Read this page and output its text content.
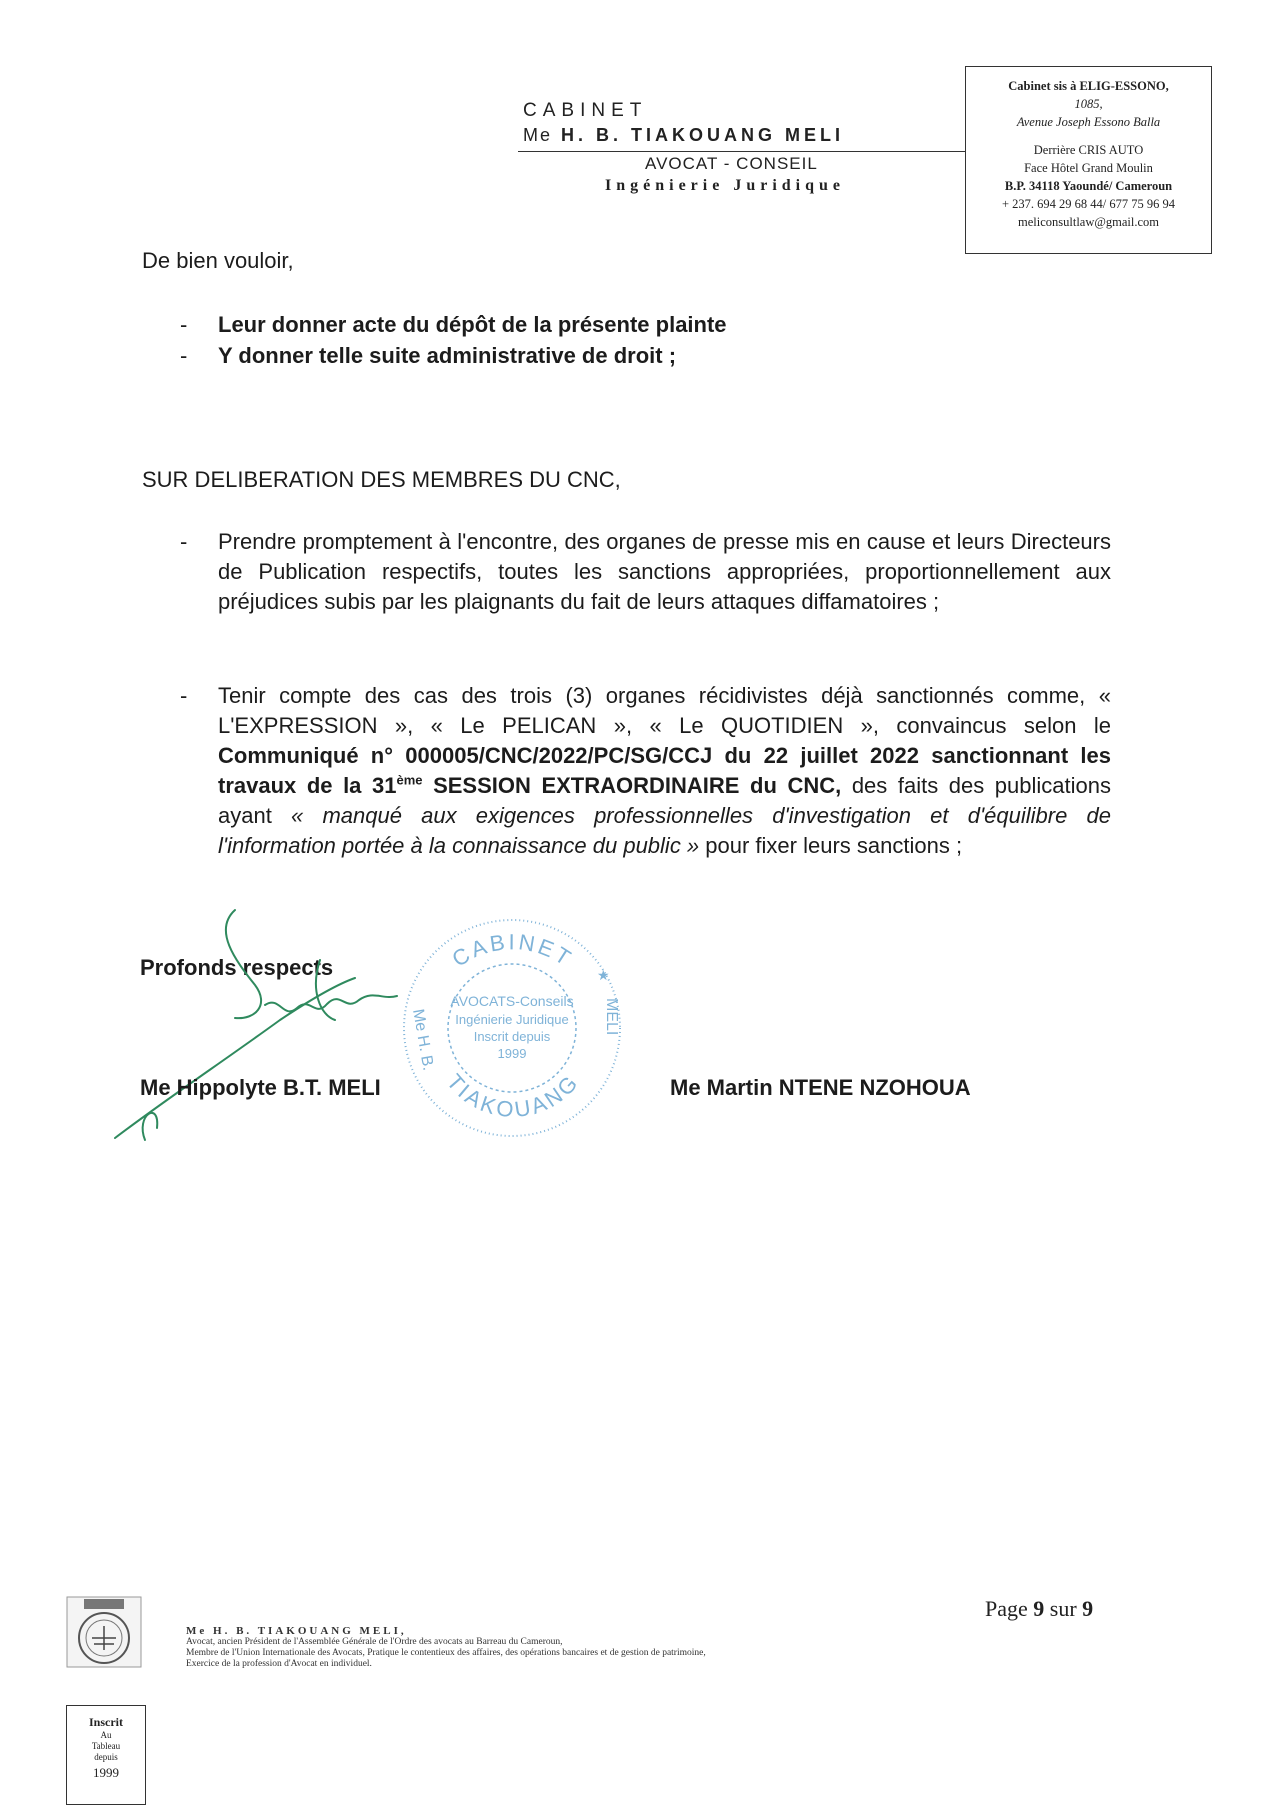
CABINET
Me H. B. TIAKOUANG MELI
AVOCAT - CONSEIL
Ingénierie Juridique
Cabinet sis à ELIG-ESSONO,
1085,
Avenue Joseph Essono Balla
Derrière CRIS AUTO
Face Hôtel Grand Moulin
B.P. 34118 Yaoundé/ Cameroun
+ 237. 694 29 68 44/ 677 75 96 94
meliconsultlaw@gmail.com
De bien vouloir,
- Leur donner acte du dépôt de la présente plainte
- Y donner telle suite administrative de droit ;
SUR DELIBERATION DES MEMBRES DU CNC,
- Prendre promptement à l'encontre, des organes de presse mis en cause et leurs Directeurs de Publication respectifs, toutes les sanctions appropriées, proportionnellement aux préjudices subis par les plaignants du fait de leurs attaques diffamatoires ;
- Tenir compte des cas des trois (3) organes récidivistes déjà sanctionnés comme, « L'EXPRESSION », « Le PELICAN », « Le QUOTIDIEN », convaincus selon le Communiqué n° 000005/CNC/2022/PC/SG/CCJ du 22 juillet 2022 sanctionnant les travaux de la 31ème SESSION EXTRAORDINAIRE du CNC, des faits des publications ayant « manqué aux exigences professionnelles d'investigation et d'équilibre de l'information portée à la connaissance du public » pour fixer leurs sanctions ;
Profonds respects	CABINET
TIAKOUANG
Me H. B.	MELI
AVOCATS-Conseils
Ingénierie Juridique
Inscrit depuis
1999
★
Me Hippolyte B.T. MELI	Me Martin NTENE NZOHOUA
Page 9 sur 9
Me H. B. TIAKOUANG MELI,
Avocat, ancien Président de l'Assemblée Générale de l'Ordre des avocats au Barreau du Cameroun,
Membre de l'Union Internationale des Avocats, Pratique le contentieux des affaires, des opérations bancaires et de gestion de patrimoine,
Exercice de la profession d'Avocat en individuel.
Inscrit
Au
Tableau
depuis
1999
